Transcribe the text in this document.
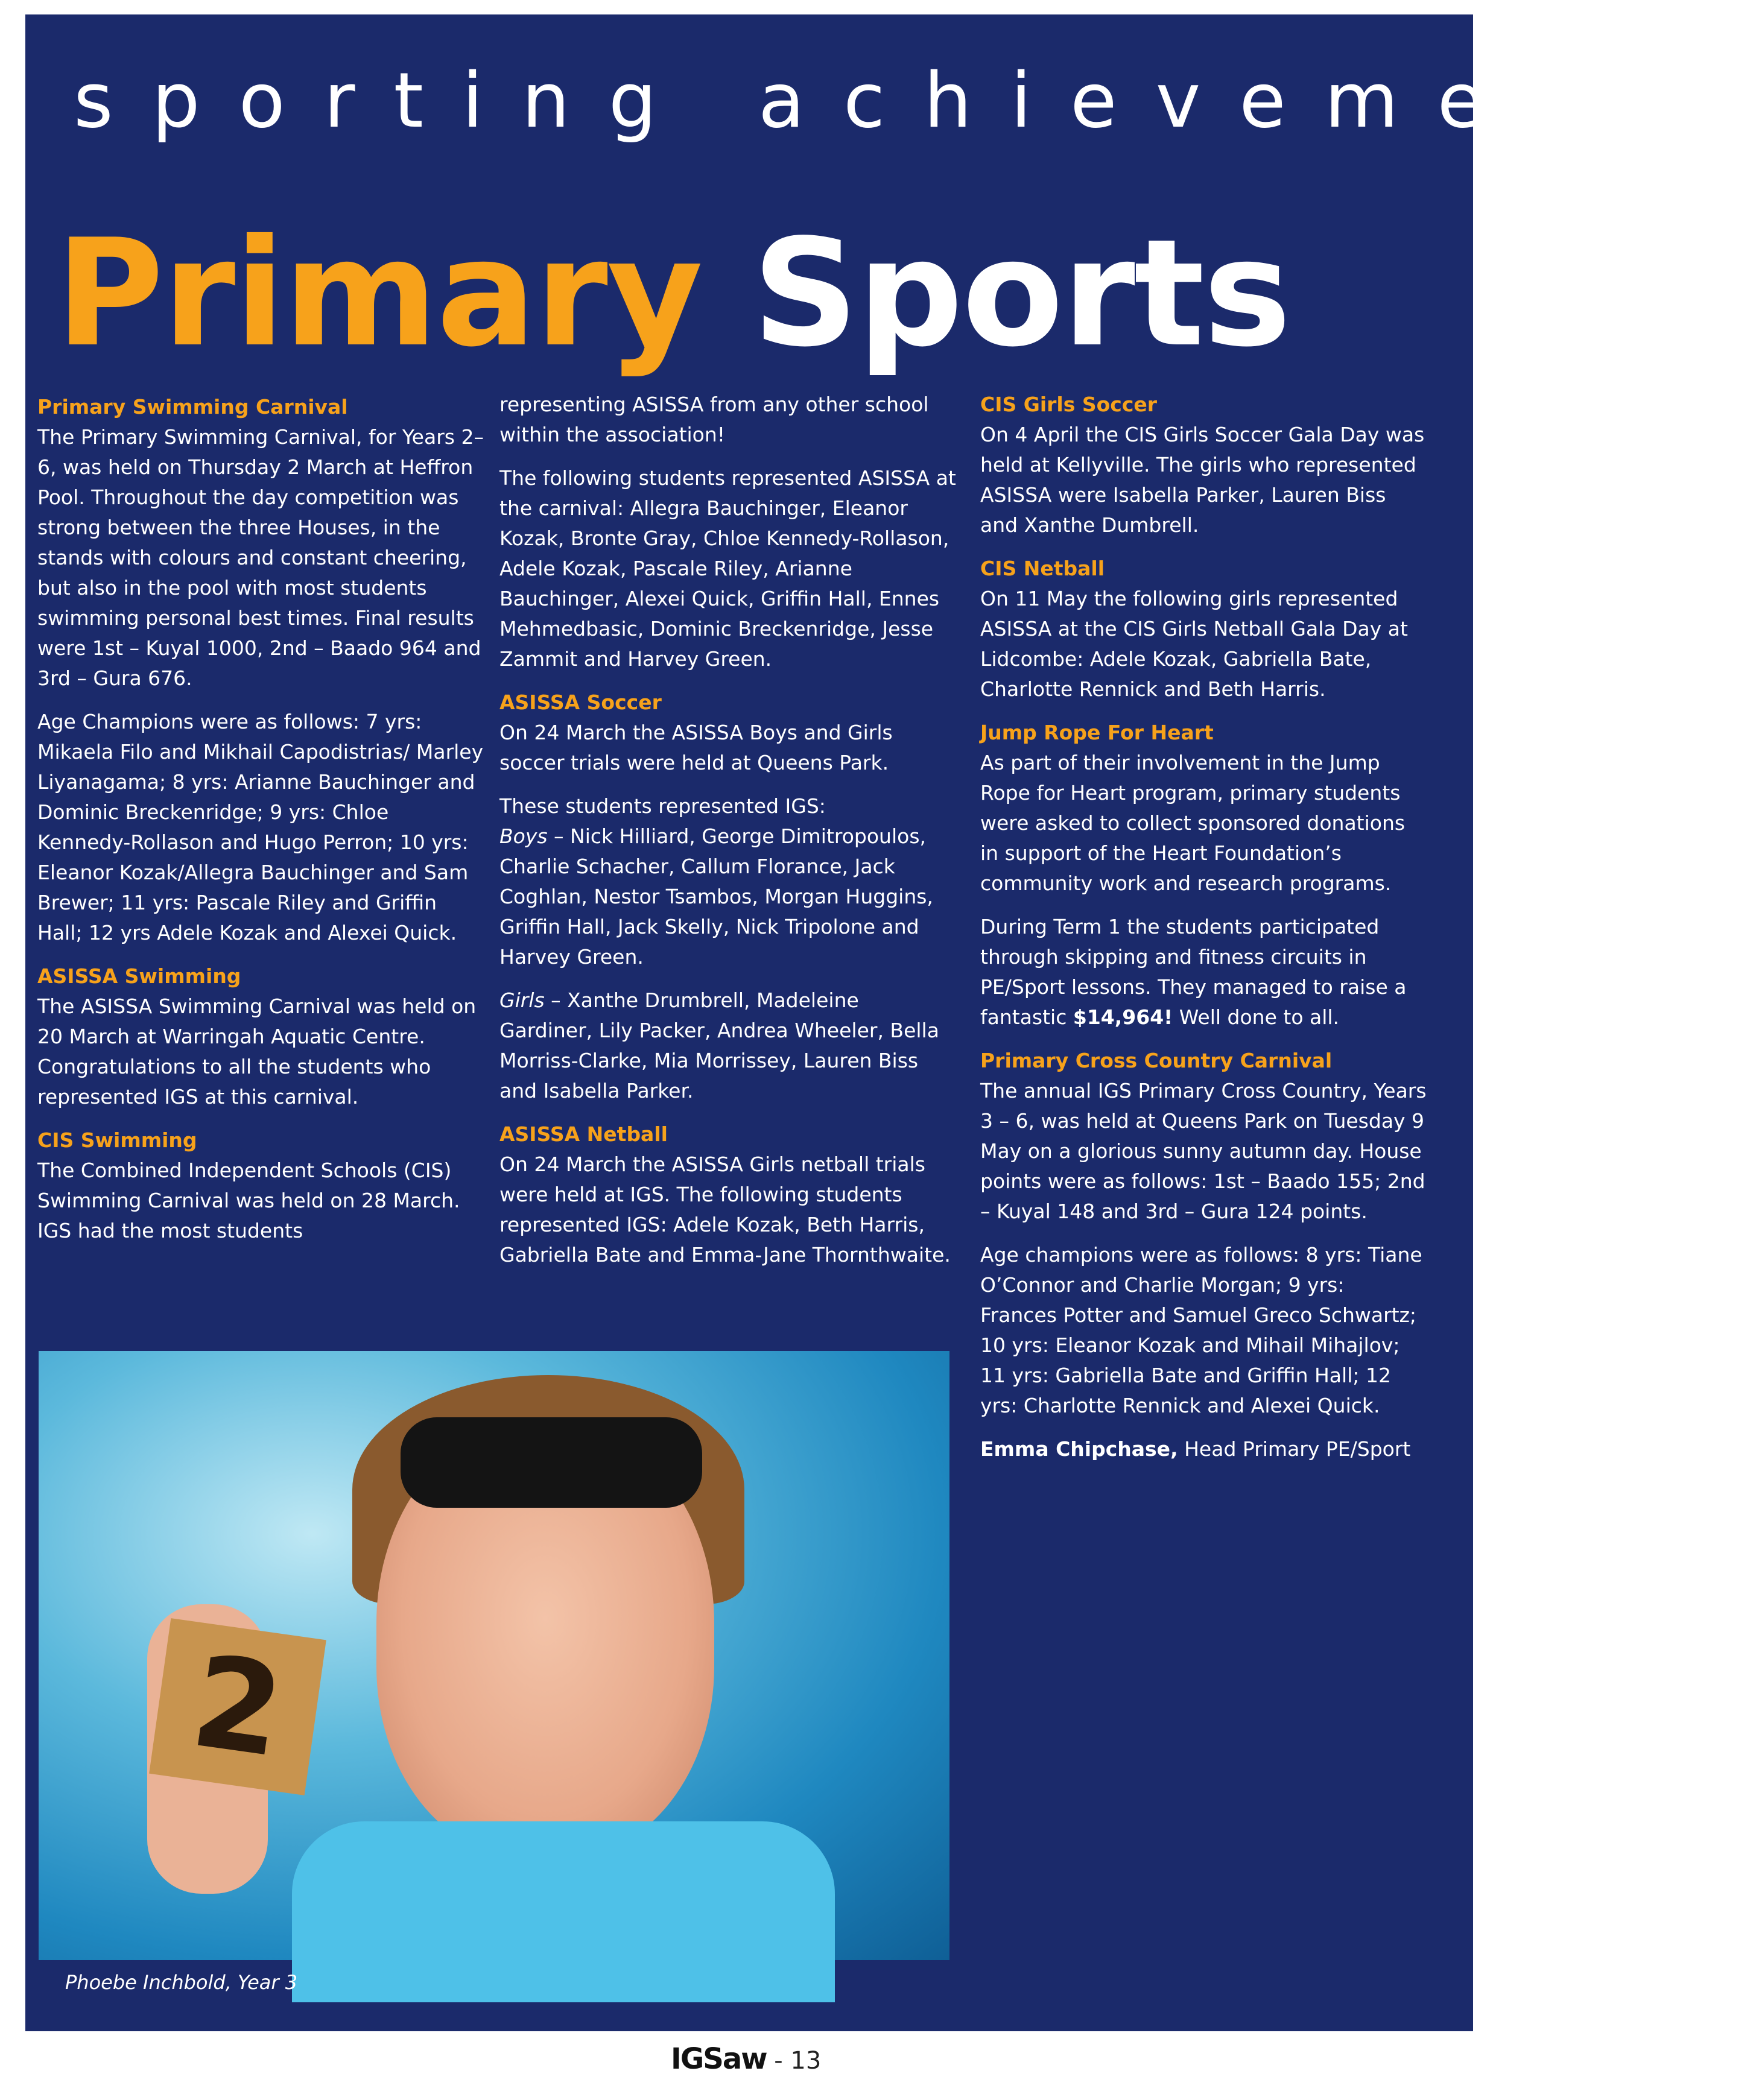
sporting achievements
Primary Sports
Primary Swimming Carnival

The Primary Swimming Carnival, for Years 2–6, was held on Thursday 2 March at Heffron Pool. Throughout the day competition was strong between the three Houses, in the stands with colours and constant cheering, but also in the pool with most students swimming personal best times. Final results were 1st – Kuyal 1000, 2nd – Baado 964 and 3rd – Gura 676.

Age Champions were as follows: 7 yrs: Mikaela Filo and Mikhail Capodistrias/ Marley Liyanagama; 8 yrs: Arianne Bauchinger and Dominic Breckenridge; 9 yrs: Chloe Kennedy-Rollason and Hugo Perron; 10 yrs: Eleanor Kozak/Allegra Bauchinger and Sam Brewer; 11 yrs: Pascale Riley and Griffin Hall; 12 yrs Adele Kozak and Alexei Quick.

ASISSA Swimming

The ASISSA Swimming Carnival was held on 20 March at Warringah Aquatic Centre. Congratulations to all the students who represented IGS at this carnival.

CIS Swimming

The Combined Independent Schools (CIS) Swimming Carnival was held on 28 March. IGS had the most students

representing ASISSA from any other school within the association!

The following students represented ASISSA at the carnival: Allegra Bauchinger, Eleanor Kozak, Bronte Gray, Chloe Kennedy-Rollason, Adele Kozak, Pascale Riley, Arianne Bauchinger, Alexei Quick, Griffin Hall, Ennes Mehmedbasic, Dominic Breckenridge, Jesse Zammit and Harvey Green.

ASISSA Soccer

On 24 March the ASISSA Boys and Girls soccer trials were held at Queens Park.

These students represented IGS:

Boys – Nick Hilliard, George Dimitropoulos, Charlie Schacher, Callum Florance, Jack Coghlan, Nestor Tsambos, Morgan Huggins, Griffin Hall, Jack Skelly, Nick Tripolone and Harvey Green.

Girls – Xanthe Drumbrell, Madeleine Gardiner, Lily Packer, Andrea Wheeler, Bella Morriss-Clarke, Mia Morrissey, Lauren Biss and Isabella Parker.

ASISSA Netball

On 24 March the ASISSA Girls netball trials were held at IGS. The following students represented IGS: Adele Kozak, Beth Harris, Gabriella Bate and Emma-Jane Thornthwaite.

CIS Girls Soccer

On 4 April the CIS Girls Soccer Gala Day was held at Kellyville. The girls who represented ASISSA were Isabella Parker, Lauren Biss and Xanthe Dumbrell.

CIS Netball

On 11 May the following girls represented ASISSA at the CIS Girls Netball Gala Day at Lidcombe: Adele Kozak, Gabriella Bate, Charlotte Rennick and Beth Harris.

Jump Rope For Heart

As part of their involvement in the Jump Rope for Heart program, primary students were asked to collect sponsored donations in support of the Heart Foundation’s community work and research programs.

During Term 1 the students participated through skipping and fitness circuits in PE/Sport lessons. They managed to raise a fantastic $14,964! Well done to all.

Primary Cross Country Carnival

The annual IGS Primary Cross Country, Years 3 – 6, was held at Queens Park on Tuesday 9 May on a glorious sunny autumn day. House points were as follows: 1st – Baado 155; 2nd – Kuyal 148 and 3rd – Gura 124 points.

Age champions were as follows: 8 yrs: Tiane O’Connor and Charlie Morgan; 9 yrs: Frances Potter and Samuel Greco Schwartz; 10 yrs: Eleanor Kozak and Mihail Mihajlov; 11 yrs: Gabriella Bate and Griffin Hall; 12 yrs: Charlotte Rennick and Alexei Quick.

Emma Chipchase, Head Primary PE/Sport

2
Phoebe Inchbold, Year 3
IGSaw - 13
